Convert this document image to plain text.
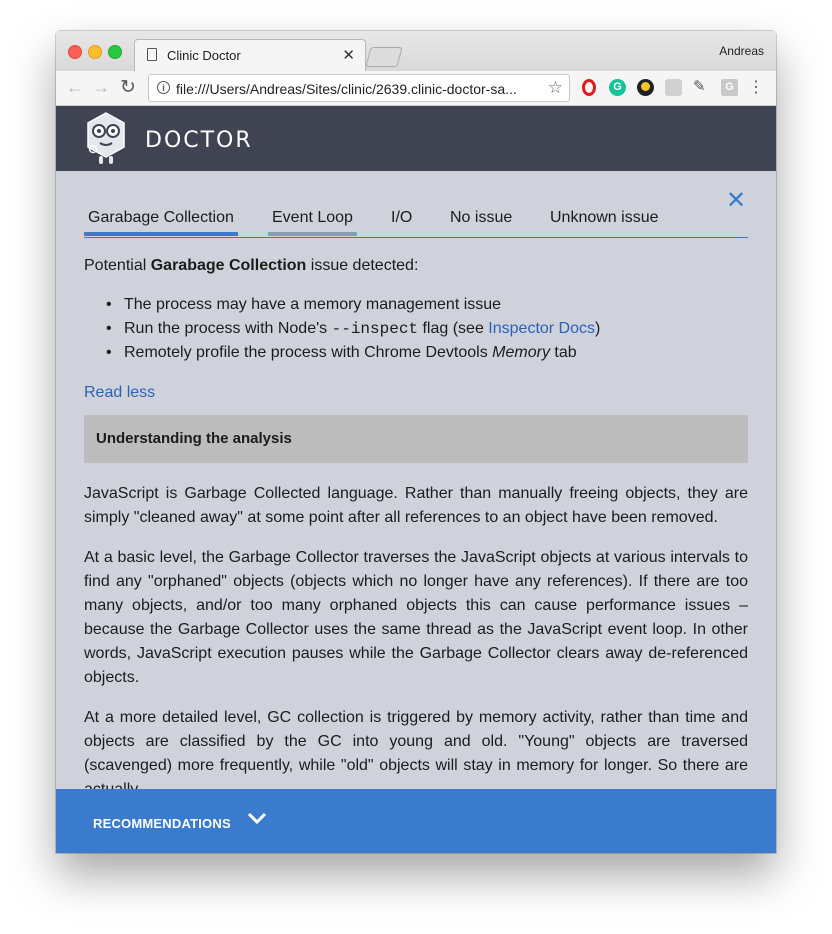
Clinic Doctor	✕	Andreas
← → ↻	i file:///Users/Andreas/Sites/clinic/2639.clinic-doctor-sa... ☆	G	✎	G ⋮
DOCTOR
✕
Garabage Collection Event Loop I/O No issue Unknown issue
Potential Garabage Collection issue detected:
• The process may have a memory management issue
• Run the process with Node's --inspect flag (see Inspector Docs)
• Remotely profile the process with Chrome Devtools Memory tab
Read less
Understanding the analysis

JavaScript is Garbage Collected language. Rather than manually freeing objects, they are simply "cleaned away" at some point after all references to an object have been removed.

At a basic level, the Garbage Collector traverses the JavaScript objects at various intervals to find any "orphaned" objects (objects which no longer have any references). If there are too many objects, and/or too many orphaned objects this can cause performance issues – because the Garbage Collector uses the same thread as the JavaScript event loop. In other words, JavaScript execution pauses while the Garbage Collector clears away de-referenced objects.

At a more detailed level, GC collection is triggered by memory activity, rather than time and objects are classified by the GC into young and old. "Young" objects are traversed (scavenged) more frequently, while "old" objects will stay in memory for longer. So there are

RECOMMENDATIONS
